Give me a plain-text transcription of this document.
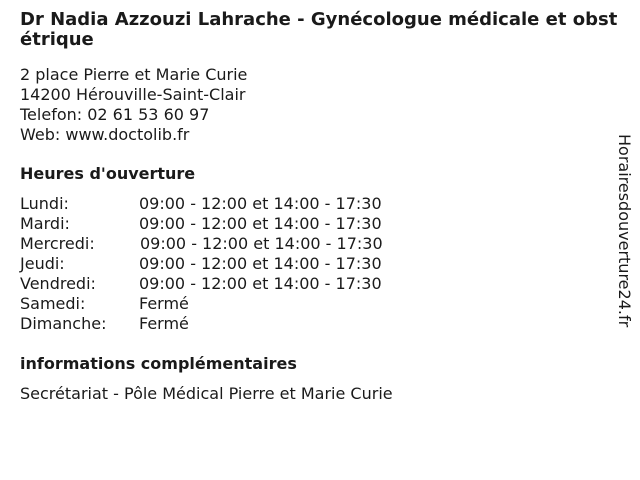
Dr Nadia Azzouzi Lahrache - Gynécologue médicale et obstétrique
2 place Pierre et Marie Curie
14200 Hérouville-Saint-Clair
Telefon: 02 61 53 60 97
Web: www.doctolib.fr
Heures d'ouverture
Lundi:	09:00 - 12:00 et 14:00 - 17:30
Mardi:	09:00 - 12:00 et 14:00 - 17:30
Mercredi:	09:00 - 12:00 et 14:00 - 17:30
Jeudi:	09:00 - 12:00 et 14:00 - 17:30
Vendredi:	09:00 - 12:00 et 14:00 - 17:30
Samedi:	Fermé
Dimanche: Fermé
informations complémentaires
Secrétariat - Pôle Médical Pierre et Marie Curie
Horairesdouverture24.fr
